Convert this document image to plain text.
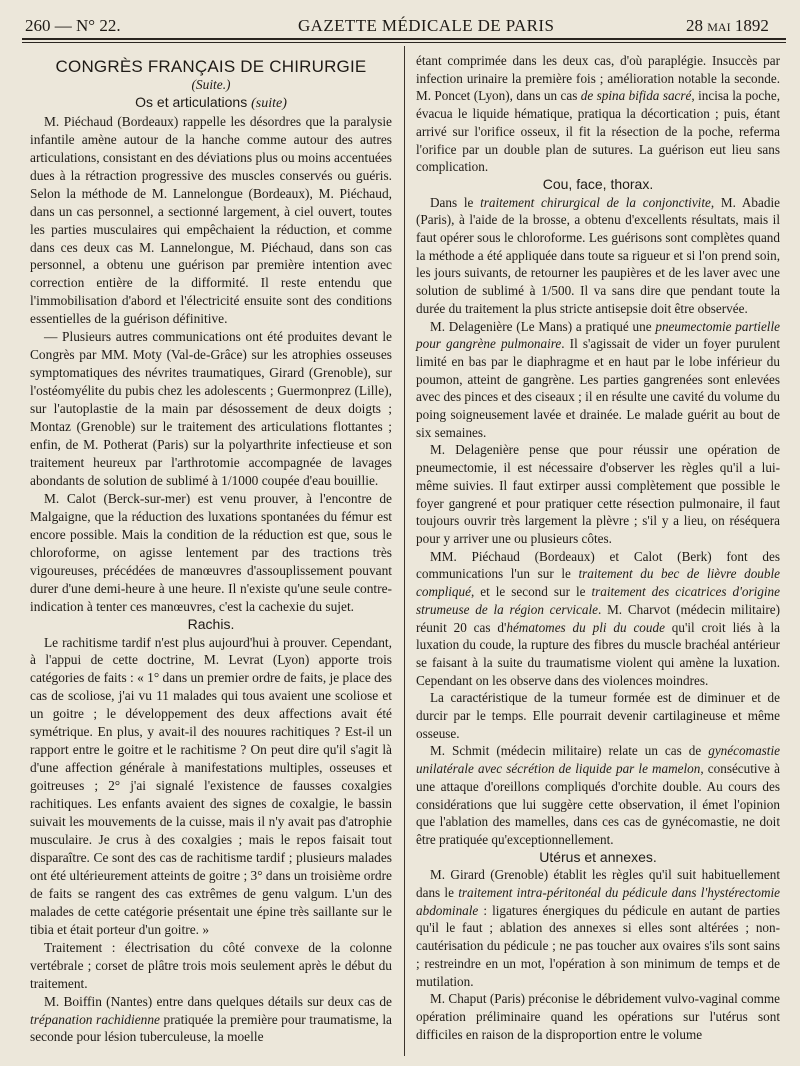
260 — N° 22.	GAZETTE MÉDICALE DE PARIS	28 mai 1892

CONGRÈS FRANÇAIS DE CHIRURGIE

(Suite.)

Os et articulations (suite)

M. Piéchaud (Bordeaux) rappelle les désordres que la paralysie infantile amène autour de la hanche comme autour des autres articulations, consistant en des déviations plus ou moins accentuées dues à la rétraction progressive des muscles conservés ou guéris. Selon la méthode de M. Lannelongue (Bordeaux), M. Piéchaud, dans un cas personnel, a sectionné largement, à ciel ouvert, toutes les parties musculaires qui empêchaient la réduction, et comme dans ces deux cas M. Lannelongue, M. Piéchaud, dans son cas personnel, a obtenu une guérison par première intention avec correction entière de la difformité. Il reste entendu que l'immobilisation d'abord et l'électricité ensuite sont des conditions essentielles de la guérison définitive.

— Plusieurs autres communications ont été produites devant le Congrès par MM. Moty (Val-de-Grâce) sur les atrophies osseuses symptomatiques des névrites traumatiques, Girard (Grenoble), sur l'ostéomyélite du pubis chez les adolescents ; Guermonprez (Lille), sur l'autoplastie de la main par désossement de deux doigts ; Montaz (Grenoble) sur le traitement des articulations flottantes ; enfin, de M. Potherat (Paris) sur la polyarthrite infectieuse et son traitement heureux par l'arthrotomie accompagnée de lavages abondants de solution de sublimé à 1/1000 coupée d'eau bouillie.

M. Calot (Berck-sur-mer) est venu prouver, à l'encontre de Malgaigne, que la réduction des luxations spontanées du fémur est encore possible. Mais la condition de la réduction est que, sous le chloroforme, on agisse lentement par des tractions très vigoureuses, précédées de manœuvres d'assouplissement pouvant durer d'une demi-heure à une heure. Il n'existe qu'une seule contre-indication à tenter ces manœuvres, c'est la cachexie du sujet.

Rachis.

Le rachitisme tardif n'est plus aujourd'hui à prouver. Cependant, à l'appui de cette doctrine, M. Levrat (Lyon) apporte trois catégories de faits : « 1° dans un premier ordre de faits, je place des cas de scoliose, j'ai vu 11 malades qui tous avaient une scoliose et un goitre ; le développement des deux affections avait été symétrique. En plus, y avait-il des nouures rachitiques ? Est-il un rapport entre le goitre et le rachitisme ? On peut dire qu'il s'agit là d'une affection générale à manifestations multiples, osseuses et goitreuses ; 2° j'ai signalé l'existence de fausses coxalgies rachitiques. Les enfants avaient des signes de coxalgie, le bassin suivait les mouvements de la cuisse, mais il n'y avait pas d'atrophie musculaire. Je crus à des coxalgies ; mais le repos faisait tout disparaître. Ce sont des cas de rachitisme tardif ; plusieurs malades ont été ultérieurement atteints de goitre ; 3° dans un troisième ordre de faits se rangent des cas extrêmes de genu valgum. L'un des malades de cette catégorie présentait une épine très saillante sur le tibia et était porteur d'un goitre. »

Traitement : électrisation du côté convexe de la colonne vertébrale ; corset de plâtre trois mois seulement après le début du traitement.

M. Boiffin (Nantes) entre dans quelques détails sur deux cas de trépanation rachidienne pratiquée la première pour traumatisme, la seconde pour lésion tuberculeuse, la moelle

étant comprimée dans les deux cas, d'où paraplégie. Insuccès par infection urinaire la première fois ; amélioration notable la seconde. M. Poncet (Lyon), dans un cas de spina bifida sacré, incisa la poche, évacua le liquide hématique, pratiqua la décortication ; puis, étant arrivé sur l'orifice osseux, il fit la résection de la poche, referma l'orifice par un double plan de sutures. La guérison eut lieu sans complication.

Cou, face, thorax.

Dans le traitement chirurgical de la conjonctivite, M. Abadie (Paris), à l'aide de la brosse, a obtenu d'excellents résultats, mais il faut opérer sous le chloroforme. Les guérisons sont complètes quand la méthode a été appliquée dans toute sa rigueur et si l'on prend soin, les jours suivants, de retourner les paupières et de les laver avec une solution de sublimé à 1/500. Il va sans dire que pendant toute la durée du traitement la plus stricte antisepsie doit être observée.

M. Delagenière (Le Mans) a pratiqué une pneumectomie partielle pour gangrène pulmonaire. Il s'agissait de vider un foyer purulent limité en bas par le diaphragme et en haut par le lobe inférieur du poumon, atteint de gangrène. Les parties gangrenées sont enlevées avec des pinces et des ciseaux ; il en résulte une cavité du volume du poing soigneusement lavée et drainée. Le malade guérit au bout de six semaines.

M. Delagenière pense que pour réussir une opération de pneumectomie, il est nécessaire d'observer les règles qu'il a lui-même suivies. Il faut extirper aussi complètement que possible le foyer gangrené et pour pratiquer cette résection pulmonaire, il faut toujours ouvrir très largement la plèvre ; s'il y a lieu, on réséquera pour y arriver une ou plusieurs côtes.

MM. Piéchaud (Bordeaux) et Calot (Berk) font des communications l'un sur le traitement du bec de lièvre double compliqué, et le second sur le traitement des cicatrices d'origine strumeuse de la région cervicale. M. Charvot (médecin militaire) réunit 20 cas d'hématomes du pli du coude qu'il croit liés à la luxation du coude, la rupture des fibres du muscle brachéal antérieur se faisant à la suite du traumatisme violent qui amène la luxation. Cependant on les observe dans des violences moindres.

La caractéristique de la tumeur formée est de diminuer et de durcir par le temps. Elle pourrait devenir cartilagineuse et même osseuse.

M. Schmit (médecin militaire) relate un cas de gynécomastie unilatérale avec sécrétion de liquide par le mamelon, consécutive à une attaque d'oreillons compliqués d'orchite double. Au cours des considérations que lui suggère cette observation, il émet l'opinion que l'ablation des mamelles, dans ces cas de gynécomastie, ne doit être pratiquée qu'exceptionnellement.

Utérus et annexes.

M. Girard (Grenoble) établit les règles qu'il suit habituellement dans le traitement intra-péritonéal du pédicule dans l'hystérectomie abdominale : ligatures énergiques du pédicule en autant de parties qu'il le faut ; ablation des annexes si elles sont altérées ; non-cautérisation du pédicule ; ne pas toucher aux ovaires s'ils sont sains ; restreindre en un mot, l'opération à son minimum de temps et de mutilation.

M. Chaput (Paris) préconise le débridement vulvo-vaginal comme opération préliminaire quand les opérations sur l'utérus sont difficiles en raison de la disproportion entre le volume
